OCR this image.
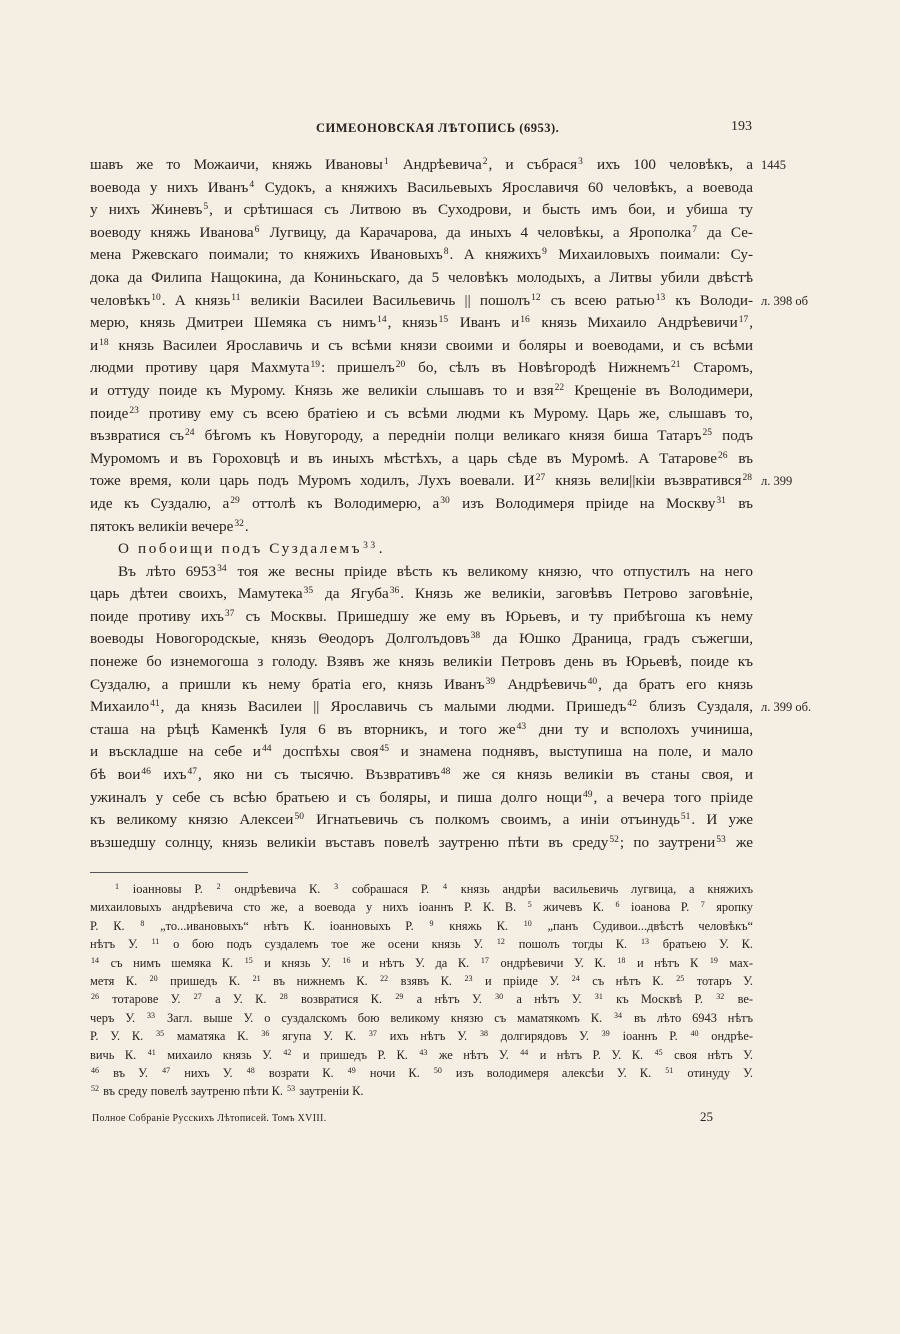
СИМЕОНОВСКАЯ ЛѢТОПИСЬ (6953).	193
шавъ же то Можаичи, княжь Ивановы$^1$ Андрѣевича$^2$, и събрася$^3$ ихъ 100 человѣкъ, а
воевода у нихъ Иванъ$^4$ Судокъ, а княжихъ Васильевыхъ Ярославичя 60 человѣкъ, а воевода
у нихъ Жиневъ$^5$, и срѣтишася съ Литвою въ Суходрови, и бысть имъ бои, и убиша ту
воеводу княжь Иванова$^6$ Лугвицу, да Карачарова, да иныхъ 4 человѣкы, а Ярополка$^7$ да Се-
мена Ржевскаго поимали; то княжихъ Ивановыхъ$^8$. А княжихъ$^9$ Михаиловыхъ поимали: Су-
дока да Филипа Нащокина, да Кониньскаго, да 5 человѣкъ молодыхъ, а Литвы убили двѣстѣ
человѣкъ$^{10}$. А князь$^{11}$ великіи Василеи Васильевичь || пошолъ$^{12}$ съ всею ратью$^{13}$ къ Володи-
мерю, князь Дмитреи Шемяка съ нимъ$^{14}$, князь$^{15}$ Иванъ $и^{16}$ князь Михаило Андрѣевичи$^{17}$,
$и^{18}$ князь Василеи Ярославичь и съ всѣми князи своими и боляры и воеводами, и съ всѣми
людми противу царя Махмута$^{19}$: пришелъ$^{20}$ бо, сѣлъ въ Новѣгородѣ Нижнемъ$^{21}$ Старомъ,
и оттуду поиде къ Мурому. Князь же великіи слышавъ то и взя$^{22}$ Крещеніе въ Володимери,
поиде$^{23}$ противу ему съ всею братіею и съ всѣми людми къ Мурому. Царь же, слышавъ то,
възвратися $съ^{24}$ бѣгомъ къ Новугороду, а передніи полци великаго князя биша Татаръ$^{25}$ подъ
Муромомъ и въ Гороховцѣ и въ иныхъ мѣстѣхъ, а царь сѣде въ Муромѣ. А Татарове$^{26}$ въ
тоже время, коли царь подъ Муромъ ходилъ, Лухъ воевали. $И^{27}$ князь вели||кіи възвратився$^{28}$
иде къ Суздалю, $а^{29}$ оттолѣ къ Володимерю, $а^{30}$ изъ Володимеря пріиде на Москву$^{31}$ въ
пятокъ великіи вечере$^{32}$.
О побоищи подъ Суздалемъ$^{33}$.
Въ лѣто 6953$^{34}$ тоя же весны пріиде вѣсть къ великому князю, что отпустилъ на него
царь дѣтеи своихъ, Мамутека$^{35}$ да Ягуба$^{36}$. Князь же великіи, заговѣвъ Петрово заговѣніе,
поиде противу ихъ$^{37}$ съ Москвы. Пришедшу же ему въ Юрьевъ, и ту прибѣгоша къ нему
воеводы Новогородскые, князь Θеодоръ Долголъдовъ$^{38}$ да Юшко Драница, градъ съжегши,
понеже бо изнемогоша з голоду. Взявъ же князь великіи Петровъ день въ Юрьевѣ, поиде къ
Суздалю, а пришли къ нему братіа его, князь Иванъ$^{39}$ Андрѣевичь$^{40}$, да братъ его князь
Михаило$^{41}$, да князь Василеи || Ярославичь съ малыми людми. Пришедъ$^{42}$ близъ Суздаля,
сташа на рѣцѣ Каменкѣ Іуля 6 въ вторникъ, и того $же^{43}$ дни ту и всполохъ учиниша,
и въскладше на себе $и^{44}$ доспѣхы своя$^{45}$ и знамена поднявъ, выступиша на поле, и мало
бѣ вои$^{46}$ ихъ$^{47}$, яко ни съ тысячю. Възвративъ$^{48}$ же ся князь великіи въ станы своя, и
ужиналъ у себе съ всѣю братьею и съ боляры, и пиша долго нощи$^{49}$, а вечера того пріиде
къ великому князю Алексеи$^{50}$ Игнатьевичь съ полкомъ своимъ, а иніи отъинудь$^{51}$. И уже
възшедшу солнцу, князь великіи въставъ повелѣ заутреню пѣти въ среду$^{52}$; по заутрени$^{53}$ же
1445
л. 398 об
л. 399
л. 399 об.
$^1$ іоанновы Р. $^2$ ондрѣевича К. $^3$ собрашася Р. $^4$ князь андрѣи васильевичь лугвица, а княжихъ
михаиловыхъ андрѣевича сто же, а воевода у нихъ іоаннъ Р. К. В. $^5$ жичевъ К. $^6$ іоанова Р. $^7$ яропку
Р. К. $^8$ „то...ивановыхъ“ нѣтъ К. іоанновыхъ Р. $^9$ княжь К. $^{10}$ „панъ Судивои...двѣстѣ человѣкъ“
нѣтъ У. $^{11}$ о бою подъ суздалемъ тое же осени князь У. $^{12}$ пошолъ тогды К. $^{13}$ братьею У. К.
$^{14}$ съ нимъ шемяка К. $^{15}$ и князь У. $^{16}$ и нѣтъ У. да К. $^{17}$ ондрѣевичи У. К. $^{18}$ и нѣтъ К $^{19}$ мах-
метя К. $^{20}$ пришедъ К. $^{21}$ въ нижнемъ К. $^{22}$ взявъ К. $^{23}$ и пріиде У. $^{24}$ съ нѣтъ К. $^{25}$ тотаръ У.
$^{26}$ тотарове У. $^{27}$ а У. К. $^{28}$ возвратися К. $^{29}$ а нѣтъ У. $^{30}$ а нѣтъ У. $^{31}$ къ Москвѣ Р. $^{32}$ ве-
черъ У. $^{33}$ Загл. выше У. о суздалскомъ бою великому князю съ маматякомъ К. $^{34}$ въ лѣто 6943 нѣтъ
Р. У. К. $^{35}$ маматяка К. $^{36}$ ягупа У. К. $^{37}$ ихъ нѣтъ У. $^{38}$ долгирядовъ У. $^{39}$ іоаннъ Р. $^{40}$ ондрѣе-
вичь К. $^{41}$ михаило князь У. $^{42}$ и пришедъ Р. К. $^{43}$ же нѣтъ У. $^{44}$ и нѣтъ Р. У. К. $^{45}$ своя нѣтъ У.
$^{46}$ въ У. $^{47}$ нихъ У. $^{48}$ возрати К. $^{49}$ ночи К. $^{50}$ изъ володимеря алексѣи У. К. $^{51}$ отинуду У.
$^{52}$ въ среду повелѣ заутреню пѣти К. $^{53}$ заутреніи К.
Полное Собраніе Русскихъ Лѣтописей. Томъ XVIII.	25
